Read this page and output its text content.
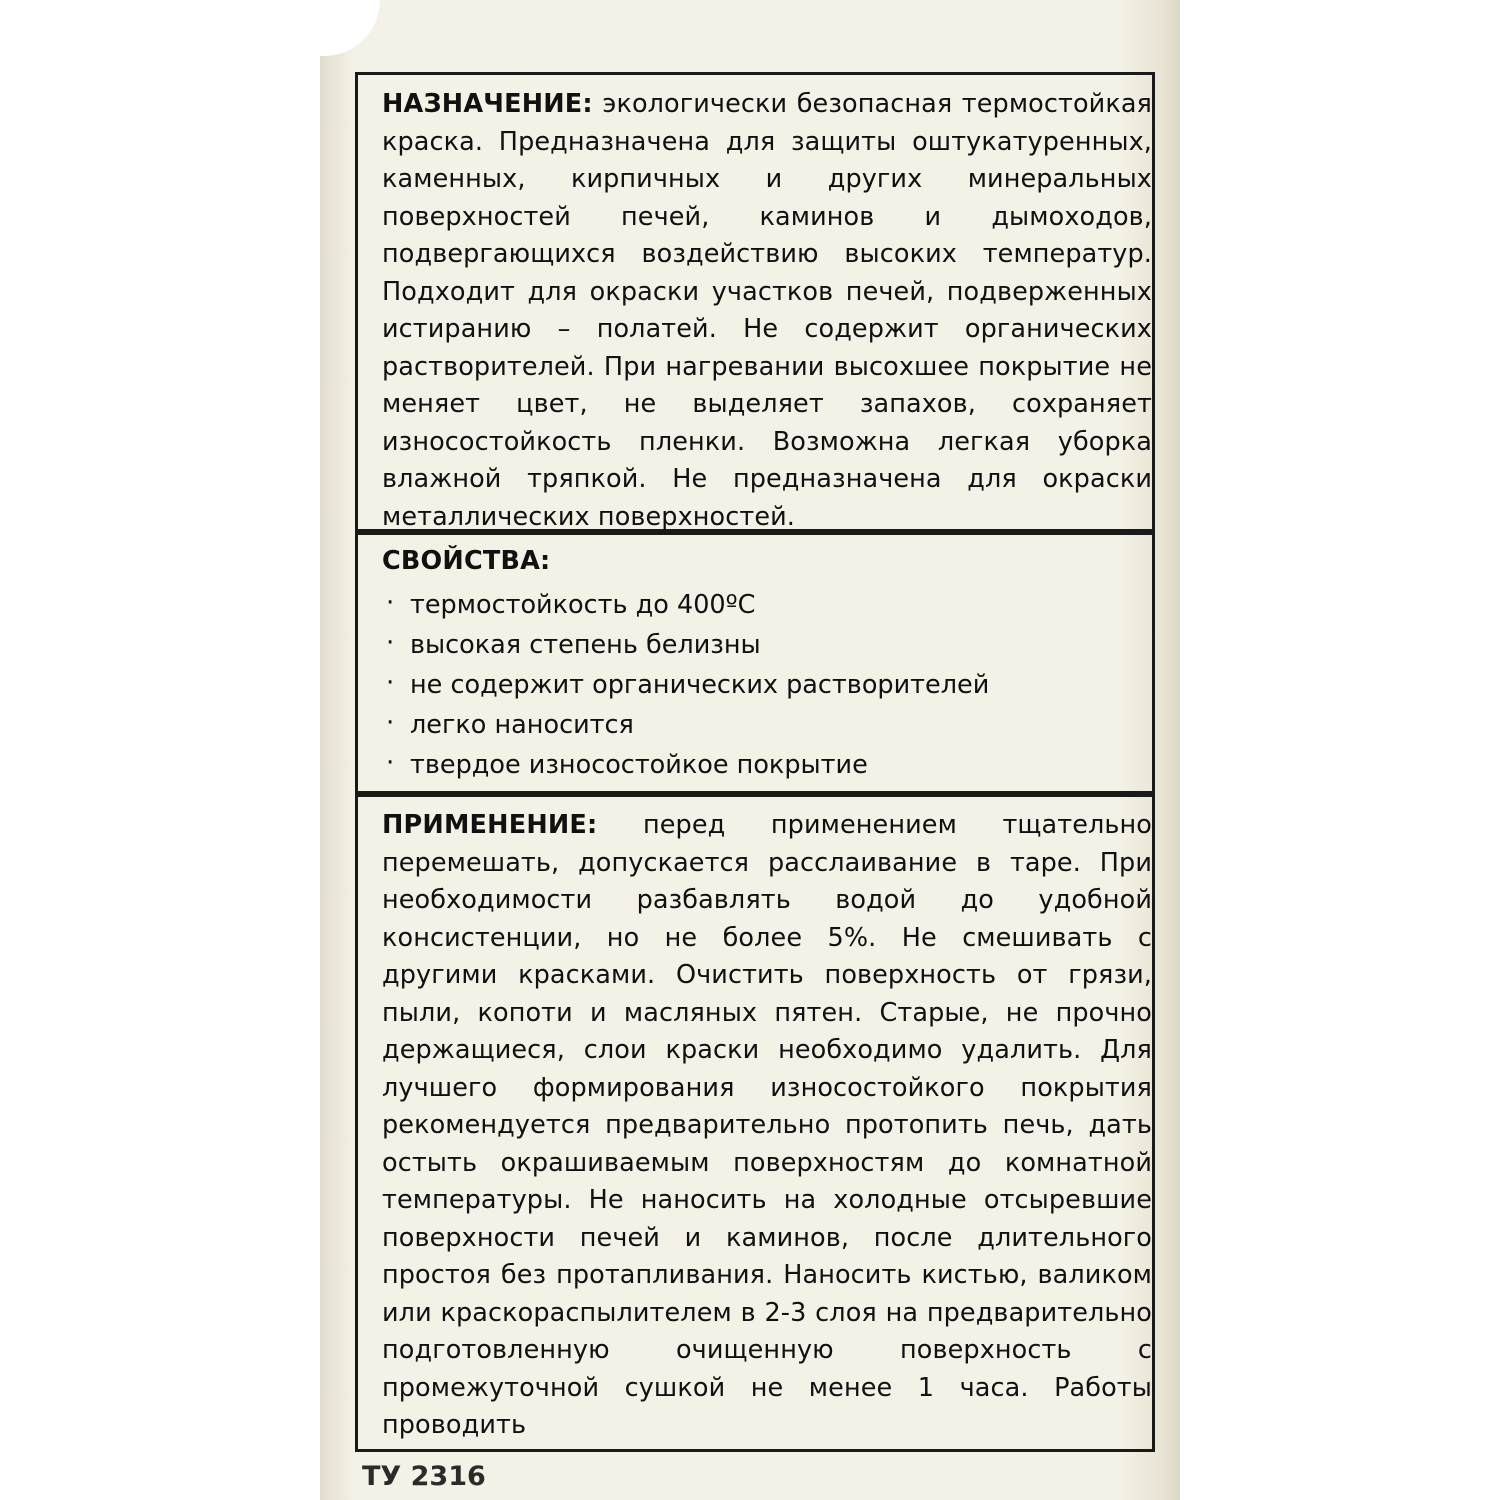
НАЗНАЧЕНИЕ: экологически безопасная термостойкая краска. Предназначена для защиты оштукатуренных, каменных, кирпичных и других минеральных поверхностей печей, каминов и дымоходов, подвергающихся воздействию высоких температур. Подходит для окраски участков печей, подверженных истиранию – полатей. Не содержит органических растворителей. При нагревании высохшее покрытие не меняет цвет, не выделяет запахов, сохраняет износостойкость пленки. Возможна легкая уборка влажной тряпкой. Не предназначена для окраски металлических поверхностей.

СВОЙСТВА:
· термостойкость до 400ºС
· высокая степень белизны
· не содержит органических растворителей
· легко наносится
· твердое износостойкое покрытие

ПРИМЕНЕНИЕ: перед применением тщательно перемешать, допускается расслаивание в таре. При необходимости разбавлять водой до удобной консистенции, но не более 5%. Не смешивать с другими красками. Очистить поверхность от грязи, пыли, копоти и масляных пятен. Старые, не прочно держащиеся, слои краски необходимо удалить. Для лучшего формирования износостойкого покрытия рекомендуется предварительно протопить печь, дать остыть окрашиваемым поверхностям до комнатной температуры. Не наносить на холодные отсыревшие поверхности печей и каминов, после длительного простоя без протапливания. Наносить кистью, валиком или краскораспылителем в 2-3 слоя на предварительно подготовленную очищенную поверхность с промежуточной сушкой не менее 1 часа. Работы проводить

ТУ 2316
